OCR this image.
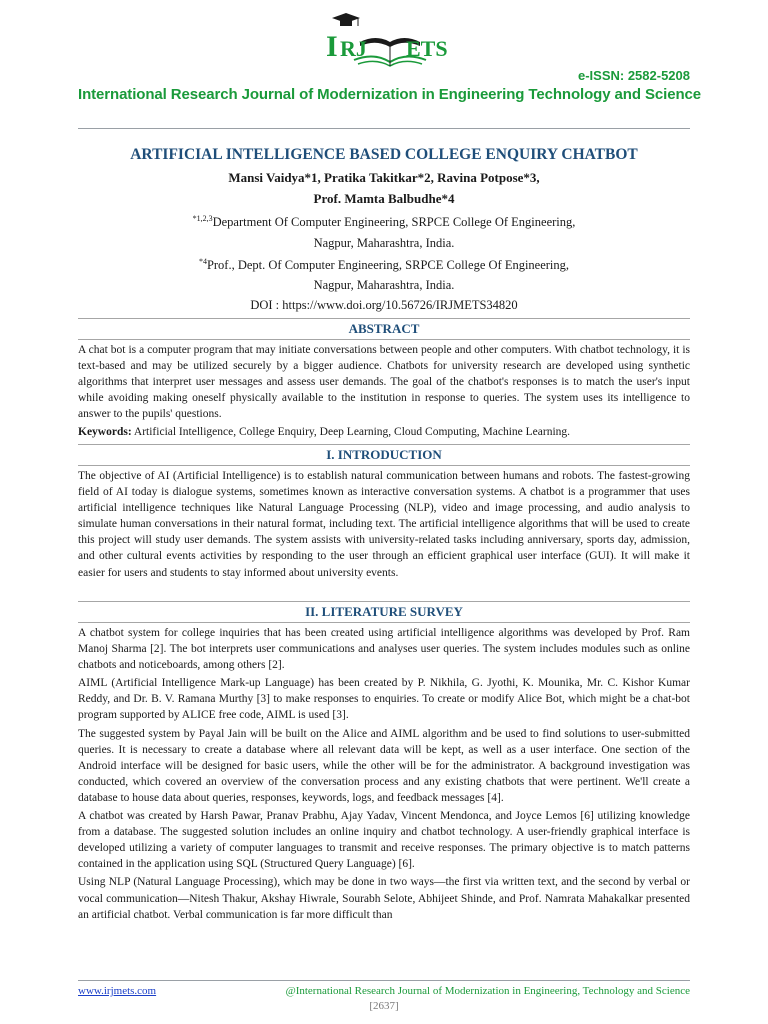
I RJ ETS
e-ISSN: 2582-5208
International Research Journal of Modernization in Engineering Technology and Science
ARTIFICIAL INTELLIGENCE BASED COLLEGE ENQUIRY CHATBOT
Mansi Vaidya*1, Pratika Takitkar*2, Ravina Potpose*3,
Prof. Mamta Balbudhe*4
$^{*1,2,3}$Department Of Computer Engineering, SRPCE College Of Engineering,
Nagpur, Maharashtra, India.
$^{*4}$Prof., Dept. Of Computer Engineering, SRPCE College Of Engineering,
Nagpur, Maharashtra, India.
DOI : https://www.doi.org/10.56726/IRJMETS34820
ABSTRACT

A chat bot is a computer program that may initiate conversations between people and other computers. With chatbot technology, it is text-based and may be utilized securely by a bigger audience. Chatbots for university research are developed using synthetic algorithms that interpret user messages and assess user demands. The goal of the chatbot's responses is to match the user's input while avoiding making oneself physically available to the institution in response to queries. The system uses its intelligence to answer to the pupils' questions.

Keywords: Artificial Intelligence, College Enquiry, Deep Learning, Cloud Computing, Machine Learning.

I. INTRODUCTION

The objective of AI (Artificial Intelligence) is to establish natural communication between humans and robots. The fastest-growing field of AI today is dialogue systems, sometimes known as interactive conversation systems. A chatbot is a programmer that uses artificial intelligence techniques like Natural Language Processing (NLP), video and image processing, and audio analysis to simulate human conversations in their natural format, including text. The artificial intelligence algorithms that will be used to create this project will study user demands. The system assists with university-related tasks including anniversary, sports day, admission, and other cultural events activities by responding to the user through an efficient graphical user interface (GUI). It will make it easier for users and students to stay informed about university events.

II. LITERATURE SURVEY

A chatbot system for college inquiries that has been created using artificial intelligence algorithms was developed by Prof. Ram Manoj Sharma [2]. The bot interprets user communications and analyses user queries. The system includes modules such as online chatbots and noticeboards, among others [2].

AIML (Artificial Intelligence Mark-up Language) has been created by P. Nikhila, G. Jyothi, K. Mounika, Mr. C. Kishor Kumar Reddy, and Dr. B. V. Ramana Murthy [3] to make responses to enquiries. To create or modify Alice Bot, which might be a chat-bot program supported by ALICE free code, AIML is used [3].

The suggested system by Payal Jain will be built on the Alice and AIML algorithm and be used to find solutions to user-submitted queries. It is necessary to create a database where all relevant data will be kept, as well as a user interface. One section of the Android interface will be designed for basic users, while the other will be for the administrator. A background investigation was conducted, which covered an overview of the conversation process and any existing chatbots that were pertinent. We'll create a database to house data about queries, responses, keywords, logs, and feedback messages [4].

A chatbot was created by Harsh Pawar, Pranav Prabhu, Ajay Yadav, Vincent Mendonca, and Joyce Lemos [6] utilizing knowledge from a database. The suggested solution includes an online inquiry and chatbot technology. A user-friendly graphical interface is developed utilizing a variety of computer languages to transmit and receive responses. The primary objective is to match patterns contained in the application using SQL (Structured Query Language) [6].

Using NLP (Natural Language Processing), which may be done in two ways—the first via written text, and the second by verbal or vocal communication—Nitesh Thakur, Akshay Hiwrale, Sourabh Selote, Abhijeet Shinde, and Prof. Namrata Mahakalkar presented an artificial chatbot. Verbal communication is far more difficult than

www.irjmets.com	@International Research Journal of Modernization in Engineering, Technology and Science
[2637]
